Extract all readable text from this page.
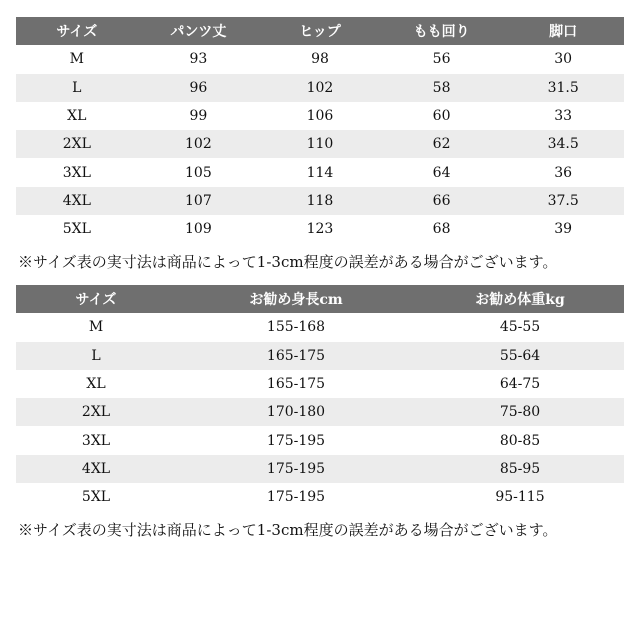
サイズ	パンツ丈	ヒップ	もも回り	脚口
M	93	98	56	30
L	96	102	58	31.5
XL	99	106	60	33
2XL	102	110	62	34.5
3XL	105	114	64	36
4XL	107	118	66	37.5
5XL	109	123	68	39
※サイズ表の実寸法は商品によって1-3cm程度の誤差がある場合がございます。
サイズ	お勧め身長cm	お勧め体重kg
M	155-168	45-55
L	165-175	55-64
XL	165-175	64-75
2XL	170-180	75-80
3XL	175-195	80-85
4XL	175-195	85-95
5XL	175-195	95-115
※サイズ表の実寸法は商品によって1-3cm程度の誤差がある場合がございます。
